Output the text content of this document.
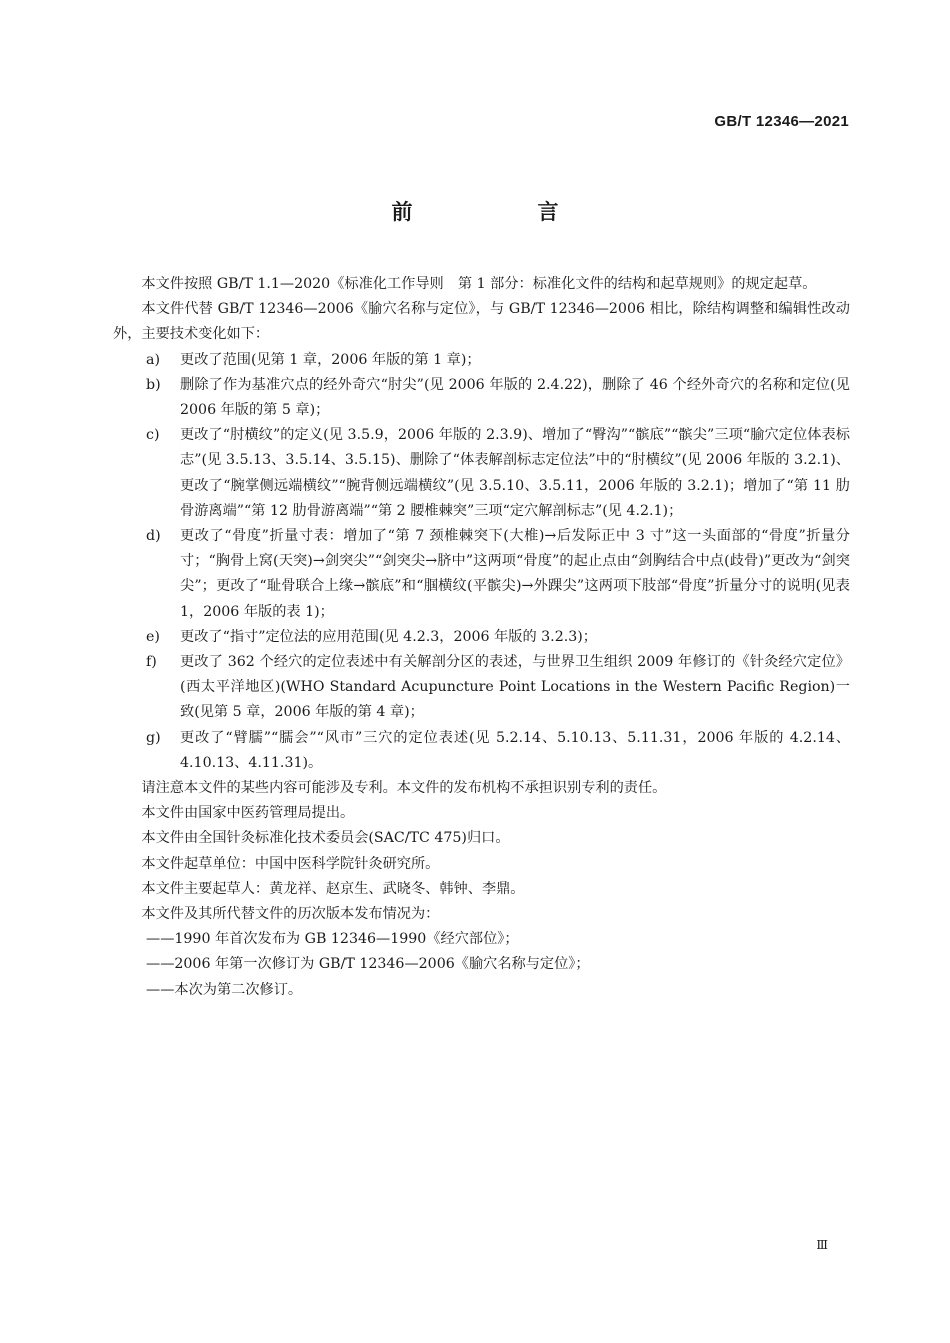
GB/T 12346—2021
前　言

本文件按照 GB/T 1.1—2020《标准化工作导则　第 1 部分：标准化文件的结构和起草规则》的规定起草。

本文件代替 GB/T 12346—2006《腧穴名称与定位》，与 GB/T 12346—2006 相比，除结构调整和编辑性改动外，主要技术变化如下：

a)	更改了范围(见第 1 章，2006 年版的第 1 章)；
b)	删除了作为基准穴点的经外奇穴“肘尖”(见 2006 年版的 2.4.22)，删除了 46 个经外奇穴的名称和定位(见 2006 年版的第 5 章)；
c)	更改了“肘横纹”的定义(见 3.5.9，2006 年版的 2.3.9)、增加了“臀沟”“髌底”“髌尖”三项“腧穴定位体表标志”(见 3.5.13、3.5.14、3.5.15)、删除了“体表解剖标志定位法”中的“肘横纹”(见 2006 年版的 3.2.1)、更改了“腕掌侧远端横纹”“腕背侧远端横纹”(见 3.5.10、3.5.11，2006 年版的 3.2.1)；增加了“第 11 肋骨游离端”“第 12 肋骨游离端”“第 2 腰椎棘突”三项“定穴解剖标志”(见 4.2.1)；
d)	更改了“骨度”折量寸表：增加了“第 7 颈椎棘突下(大椎)→后发际正中 3 寸”这一头面部的“骨度”折量分寸；“胸骨上窝(天突)→剑突尖”“剑突尖→脐中”这两项“骨度”的起止点由“剑胸结合中点(歧骨)”更改为“剑突尖”；更改了“耻骨联合上缘→髌底”和“腘横纹(平髌尖)→外踝尖”这两项下肢部“骨度”折量分寸的说明(见表 1，2006 年版的表 1)；
e)	更改了“指寸”定位法的应用范围(见 4.2.3，2006 年版的 3.2.3)；
f)	更改了 362 个经穴的定位表述中有关解剖分区的表述，与世界卫生组织 2009 年修订的《针灸经穴定位》(西太平洋地区)(WHO Standard Acupuncture Point Locations in the Western Pacific Region)一致(见第 5 章，2006 年版的第 4 章)；
g)	更改了“臂臑”“臑会”“风市”三穴的定位表述(见 5.2.14、5.10.13、5.11.31，2006 年版的 4.2.14、4.10.13、4.11.31)。

请注意本文件的某些内容可能涉及专利。本文件的发布机构不承担识别专利的责任。

本文件由国家中医药管理局提出。

本文件由全国针灸标准化技术委员会(SAC/TC 475)归口。

本文件起草单位：中国中医科学院针灸研究所。

本文件主要起草人：黄龙祥、赵京生、武晓冬、韩钟、李鼎。

本文件及其所代替文件的历次版本发布情况为：

——1990 年首次发布为 GB 12346—1990《经穴部位》；
——2006 年第一次修订为 GB/T 12346—2006《腧穴名称与定位》；
——本次为第二次修订。
Ⅲ
